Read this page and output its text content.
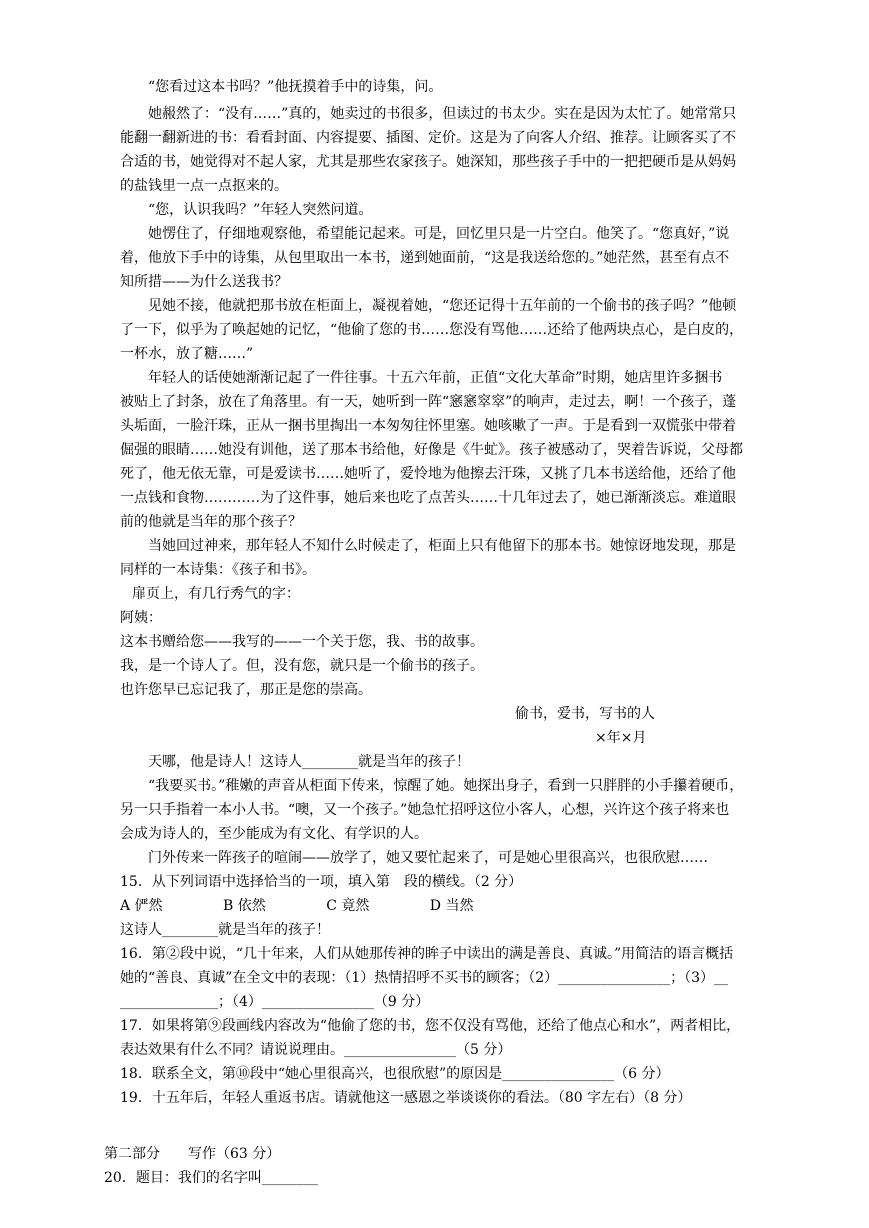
“您看过这本书吗？”他抚摸着手中的诗集，问。
她赧然了：“没有……”真的，她卖过的书很多，但读过的书太少。实在是因为太忙了。她常常只
能翻一翻新进的书：看看封面、内容提要、插图、定价。这是为了向客人介绍、推荐。让顾客买了不
合适的书，她觉得对不起人家，尤其是那些农家孩子。她深知，那些孩子手中的一把把硬币是从妈妈
的盐钱里一点一点抠来的。
“您，认识我吗？”年轻人突然问道。
她愣住了，仔细地观察他，希望能记起来。可是，回忆里只是一片空白。他笑了。“您真好，”说
着，他放下手中的诗集，从包里取出一本书，递到她面前，“这是我送给您的。”她茫然，甚至有点不
知所措——为什么送我书？
见她不接，他就把那书放在柜面上，凝视着她，“您还记得十五年前的一个偷书的孩子吗？”他顿
了一下，似乎为了唤起她的记忆，“他偷了您的书……您没有骂他……还给了他两块点心，是白皮的，
一杯水，放了糖……”
年轻人的话使她渐渐记起了一件往事。十五六年前，正值“文化大革命”时期，她店里许多捆书
被贴上了封条，放在了角落里。有一天，她听到一阵“窸窸窣窣”的响声，走过去，啊！一个孩子，蓬
头垢面，一脸汗珠，正从一捆书里掏出一本匆匆往怀里塞。她咳嗽了一声。于是看到一双慌张中带着
倔强的眼睛……她没有训他，送了那本书给他，好像是《牛虻》。孩子被感动了，哭着告诉说，父母都
死了，他无依无靠，可是爱读书……她听了，爱怜地为他擦去汗珠，又挑了几本书送给他，还给了他
一点钱和食物…………为了这件事，她后来也吃了点苦头……十几年过去了，她已渐渐淡忘。难道眼
前的他就是当年的那个孩子？
当她回过神来，那年轻人不知什么时候走了，柜面上只有他留下的那本书。她惊讶地发现，那是
同样的一本诗集：《孩子和书》。
扉页上，有几行秀气的字：
阿姨：
这本书赠给您——我写的——一个关于您，我、书的故事。
我，是一个诗人了。但，没有您，就只是一个偷书的孩子。
也许您早已忘记我了，那正是您的崇高。
偷书，爱书，写书的人
×年×月
天哪，他是诗人！这诗人________就是当年的孩子！
“我要买书。”稚嫩的声音从柜面下传来，惊醒了她。她探出身子，看到一只胖胖的小手攥着硬币，
另一只手指着一本小人书。“噢，又一个孩子。”她急忙招呼这位小客人，心想，兴许这个孩子将来也
会成为诗人的，至少能成为有文化、有学识的人。
门外传来一阵孩子的喧闹——放学了，她又要忙起来了，可是她心里很高兴，也很欣慰……
15．从下列词语中选择恰当的一项，填入第　段的横线。（2 分）
A 俨然　　　　 B 依然　　　　 C 竟然　　　　 D 当然
这诗人________就是当年的孩子！
16．第②段中说，“几十年来，人们从她那传神的眸子中读出的满是善良、真诚。”用简洁的语言概括
她的“善良、真诚”在全文中的表现：（1）热情招呼不买书的顾客；（2）________________；（3）__
______________；（4）________________（9 分）
17．如果将第⑨段画线内容改为“他偷了您的书，您不仅没有骂他，还给了他点心和水”，两者相比，
表达效果有什么不同？请说说理由。________________（5 分）
18．联系全文，第⑩段中“她心里很高兴，也很欣慰”的原因是________________（6 分）
19．十五年后，年轻人重返书店。请就他这一感恩之举谈谈你的看法。（80 字左右）（8 分）
第二部分　　写作（63 分）
20．题目：我们的名字叫________
